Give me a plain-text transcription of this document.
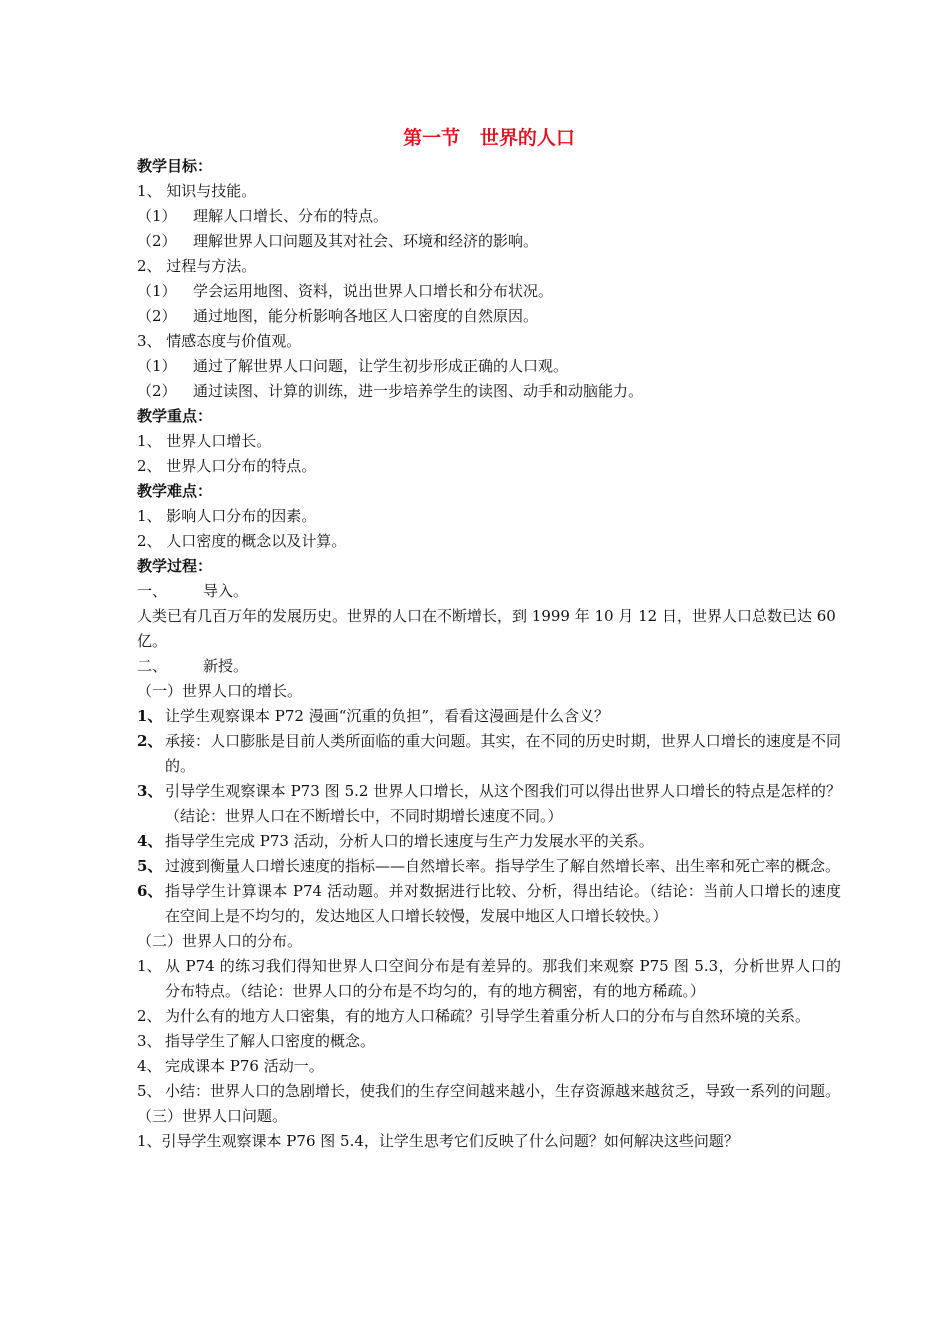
第一节   世界的人口
教学目标：
1、 知识与技能。
（1） 理解人口增长、分布的特点。
（2） 理解世界人口问题及其对社会、环境和经济的影响。
2、 过程与方法。
（1） 学会运用地图、资料，说出世界人口增长和分布状况。
（2） 通过地图，能分析影响各地区人口密度的自然原因。
3、 情感态度与价值观。
（1） 通过了解世界人口问题，让学生初步形成正确的人口观。
（2） 通过读图、计算的训练，进一步培养学生的读图、动手和动脑能力。
教学重点：
1、 世界人口增长。
2、 世界人口分布的特点。
教学难点：
1、 影响人口分布的因素。
2、 人口密度的概念以及计算。
教学过程：
一、 导入。
人类已有几百万年的发展历史。世界的人口在不断增长，到 1999 年 10 月 12 日，世界人口总数已达 60 亿。
二、 新授。
（一）世界人口的增长。
1、 让学生观察课本 P72 漫画“沉重的负担”，看看这漫画是什么含义？
2、 承接：人口膨胀是目前人类所面临的重大问题。其实，在不同的历史时期，世界人口增长的速度是不同的。
3、 引导学生观察课本 P73 图 5.2 世界人口增长，从这个图我们可以得出世界人口增长的特点是怎样的？（结论：世界人口在不断增长中，不同时期增长速度不同。）
4、 指导学生完成 P73 活动，分析人口的增长速度与生产力发展水平的关系。
5、 过渡到衡量人口增长速度的指标——自然增长率。指导学生了解自然增长率、出生率和死亡率的概念。
6、 指导学生计算课本 P74 活动题。并对数据进行比较、分析，得出结论。（结论：当前人口增长的速度在空间上是不均匀的，发达地区人口增长较慢，发展中地区人口增长较快。）
（二）世界人口的分布。
1、 从 P74 的练习我们得知世界人口空间分布是有差异的。那我们来观察 P75 图 5.3，分析世界人口的分布特点。（结论：世界人口的分布是不均匀的，有的地方稠密，有的地方稀疏。）
2、 为什么有的地方人口密集，有的地方人口稀疏？引导学生着重分析人口的分布与自然环境的关系。
3、 指导学生了解人口密度的概念。
4、 完成课本 P76 活动一。
5、 小结：世界人口的急剧增长，使我们的生存空间越来越小，生存资源越来越贫乏，导致一系列的问题。
（三）世界人口问题。
1、引导学生观察课本 P76 图 5.4，让学生思考它们反映了什么问题？如何解决这些问题？
